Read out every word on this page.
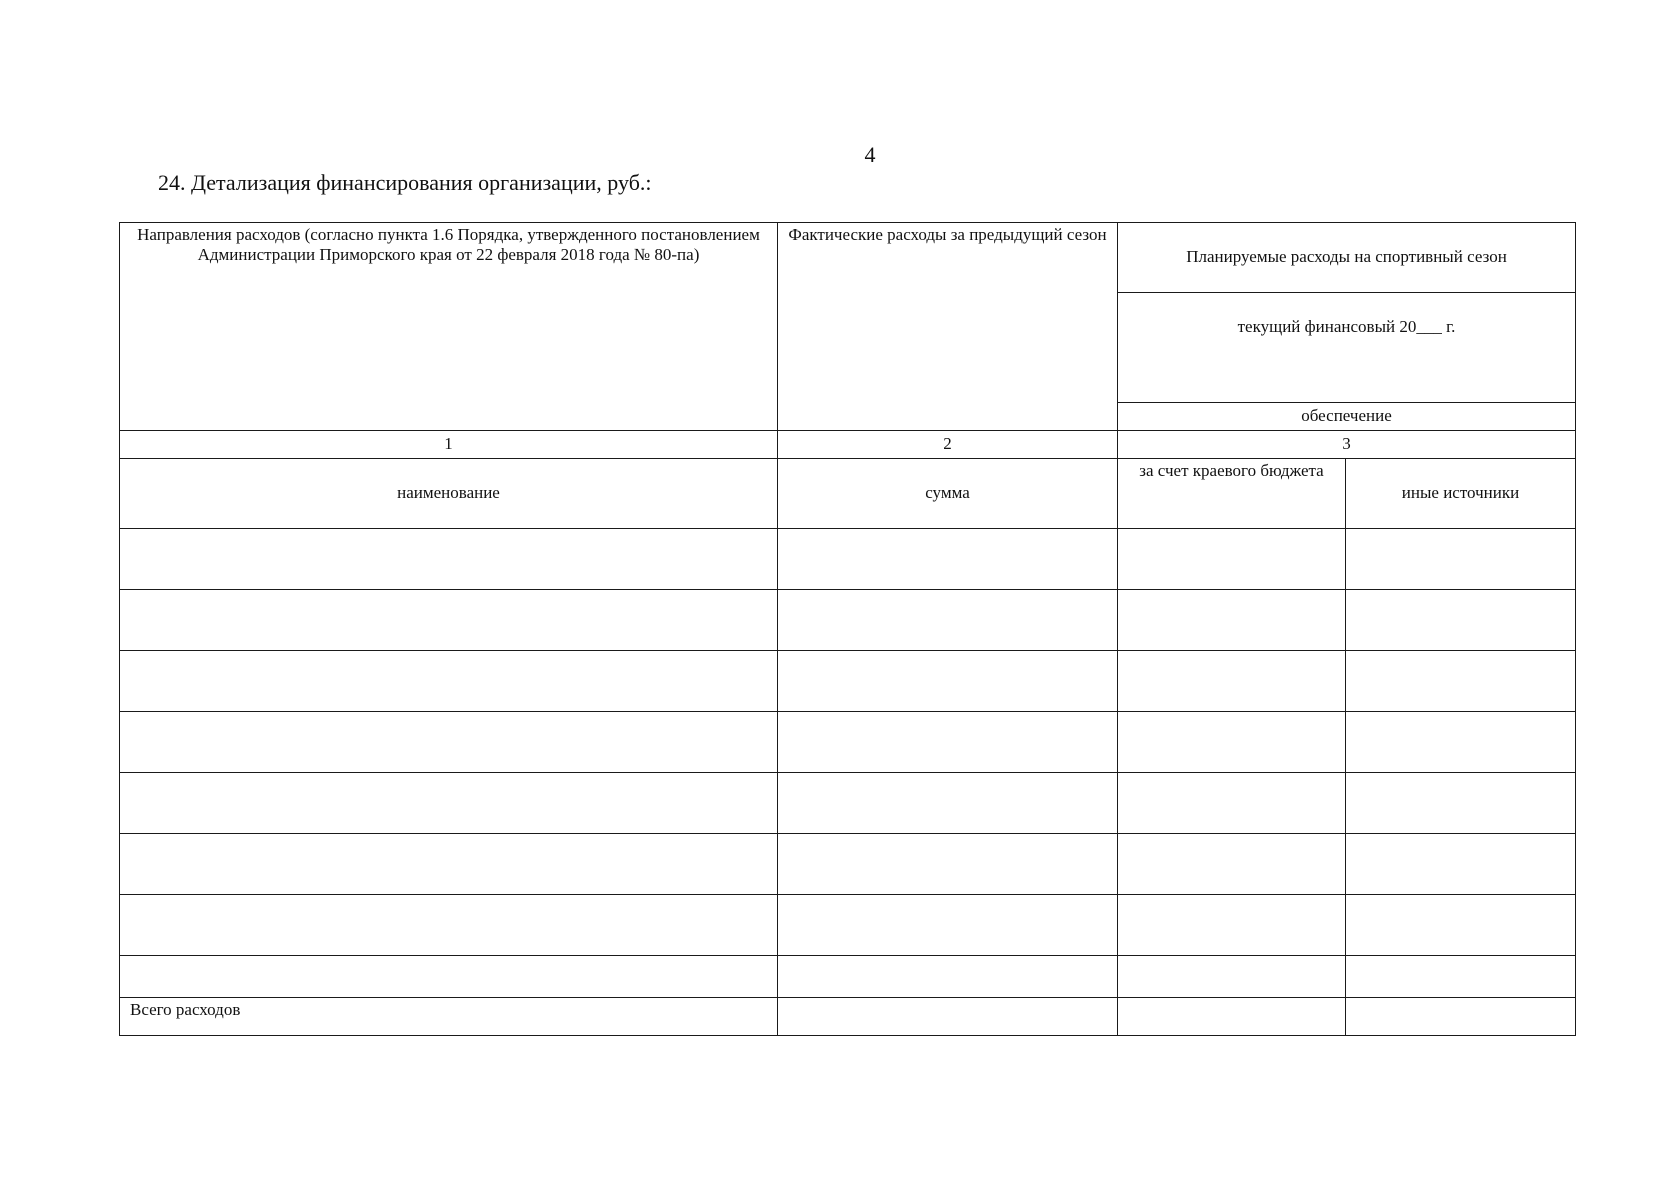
4
24. Детализация финансирования организации, руб.:
Направления расходов (согласно пункта 1.6 Порядка, утвержденного постановлением Администрации Приморского края от 22 февраля 2018 года № 80-па)	Фактические расходы за предыдущий сезон	Планируемые расходы на спортивный сезон	
		текущий финансовый 20___ г.	
		обеспечение	
1	2	3	
наименование	сумма	за счет краевого бюджета	иные источники

Всего расходов			
